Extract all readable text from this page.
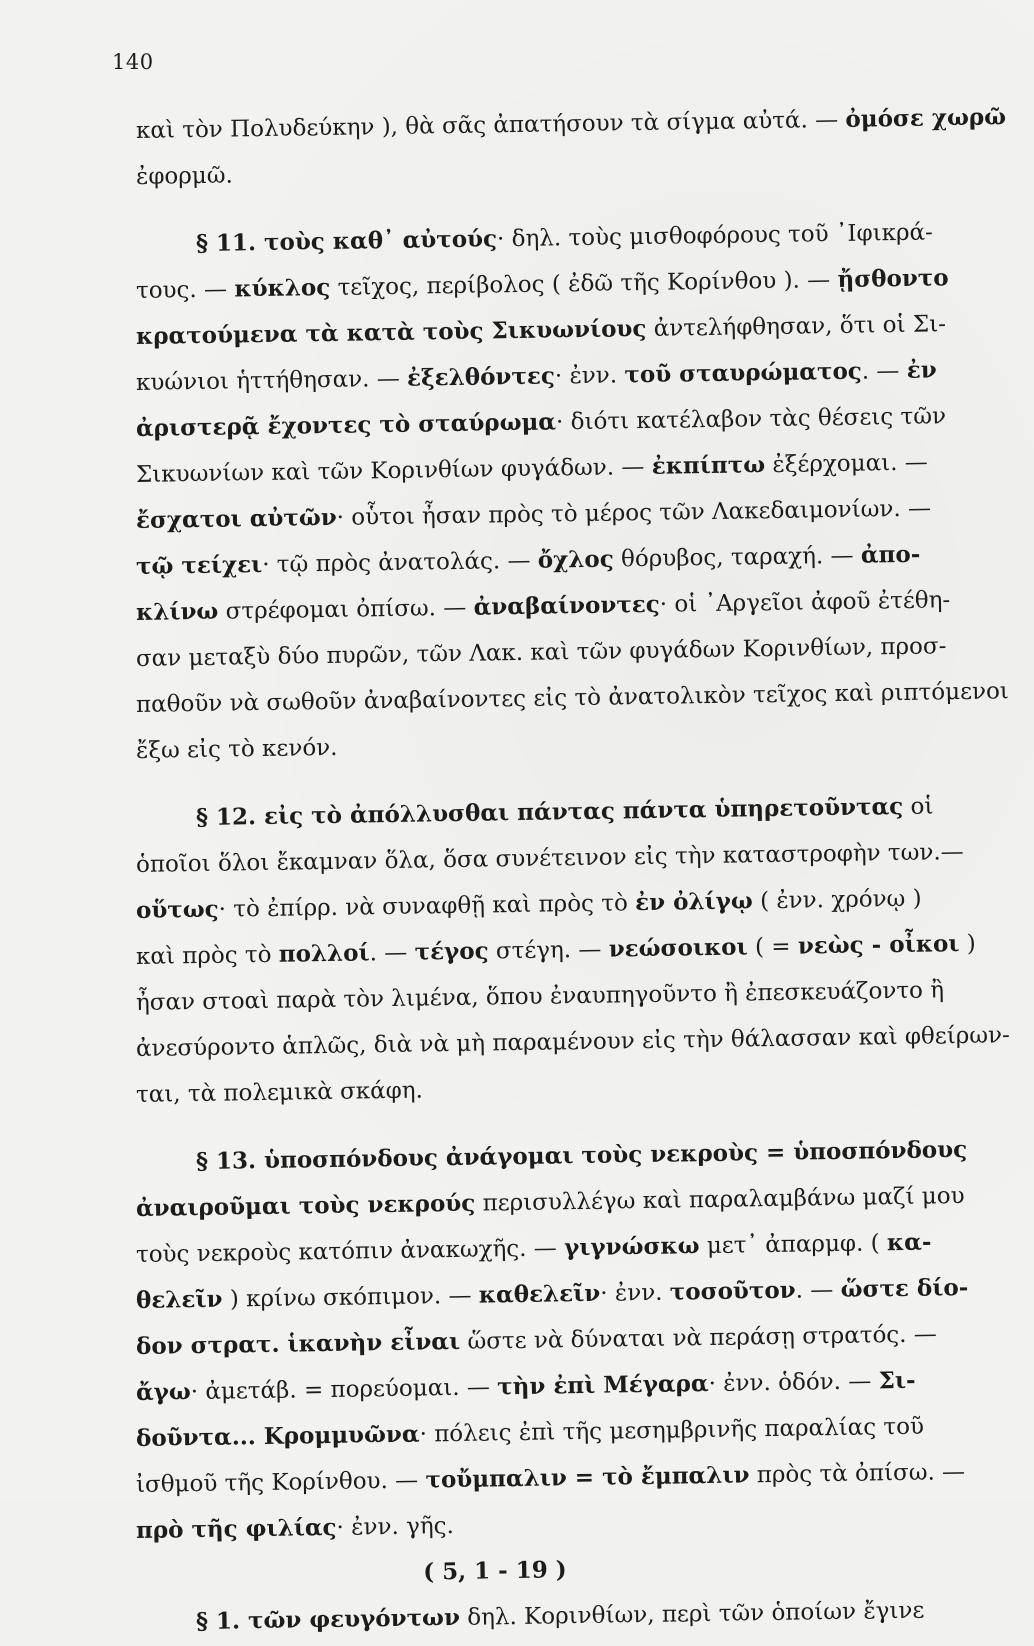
140
καὶ τὸν Πολυδεύκην ), θὰ σᾶς ἀπατήσουν τὰ σίγμα αὐτά. — ὀμόσε χωρῶ
ἐφορμῶ.
§ 11. τοὺς καθ᾽ αὐτούς· δηλ. τοὺς μισθοφόρους τοῦ ᾿Ιφικρά-
τους. — κύκλος τεῖχος, περίβολος ( ἐδῶ τῆς Κορίνθου ). — ᾔσθοντο
κρατούμενα τὰ κατὰ τοὺς Σικυωνίους ἀντελήφθησαν, ὅτι οἱ Σι-
κυώνιοι ἡττήθησαν. — ἐξελθόντες· ἐνν. τοῦ σταυρώματος. — ἐν
ἀριστερᾷ ἔχοντες τὸ σταύρωμα· διότι κατέλαβον τὰς θέσεις τῶν
Σικυωνίων καὶ τῶν Κορινθίων φυγάδων. — ἐκπίπτω ἐξέρχομαι. —
ἔσχατοι αὐτῶν· οὗτοι ἦσαν πρὸς τὸ μέρος τῶν Λακεδαιμονίων. —
τῷ τείχει· τῷ πρὸς ἀνατολάς. — ὄχλος θόρυβος, ταραχή. — ἀπο-
κλίνω στρέφομαι ὀπίσω. — ἀναβαίνοντες· οἱ ᾿Αργεῖοι ἀφοῦ ἐτέθη-
σαν μεταξὺ δύο πυρῶν, τῶν Λακ. καὶ τῶν φυγάδων Κορινθίων, προσ-
παθοῦν νὰ σωθοῦν ἀναβαίνοντες εἰς τὸ ἀνατολικὸν τεῖχος καὶ ριπτόμενοι
ἔξω εἰς τὸ κενόν.
§ 12. εἰς τὸ ἀπόλλυσθαι πάντας πάντα ὑπηρετοῦντας οἱ
ὁποῖοι ὅλοι ἔκαμναν ὅλα, ὅσα συνέτεινον εἰς τὴν καταστροφὴν των.—
οὕτως· τὸ ἐπίρρ. νὰ συναφθῇ καὶ πρὸς τὸ ἐν ὀλίγῳ ( ἐνν. χρόνῳ )
καὶ πρὸς τὸ πολλοί. — τέγος στέγη. — νεώσοικοι ( = νεὼς - οἶκοι )
ἦσαν στοαὶ παρὰ τὸν λιμένα, ὅπου ἐναυπηγοῦντο ἢ ἐπεσκευάζοντο ἢ
ἀνεσύροντο ἁπλῶς, διὰ νὰ μὴ παραμένουν εἰς τὴν θάλασσαν καὶ φθείρων-
ται, τὰ πολεμικὰ σκάφη.
§ 13. ὑποσπόνδους ἀνάγομαι τοὺς νεκροὺς = ὑποσπόνδους
ἀναιροῦμαι τοὺς νεκρούς περισυλλέγω καὶ παραλαμβάνω μαζί μου
τοὺς νεκροὺς κατόπιν ἀνακωχῆς. — γιγνώσκω μετ᾽ ἀπαρμφ. ( κα-
θελεῖν ) κρίνω σκόπιμον. — καθελεῖν· ἐνν. τοσοῦτον. — ὥστε δίο-
δον στρατ. ἱκανὴν εἶναι ὥστε νὰ δύναται νὰ περάσῃ στρατός. —
ἄγω· ἀμετάβ. = πορεύομαι. — τὴν ἐπὶ Μέγαρα· ἐνν. ὁδόν. — Σι-
δοῦντα... Κρομμυῶνα· πόλεις ἐπὶ τῆς μεσημβρινῆς παραλίας τοῦ
ἰσθμοῦ τῆς Κορίνθου. — τοὔμπαλιν = τὸ ἔμπαλιν πρὸς τὰ ὀπίσω. —
πρὸ τῆς φιλίας· ἐνν. γῆς.
( 5, 1 - 19 )
§ 1. τῶν φευγόντων δηλ. Κορινθίων, περὶ τῶν ὁποίων ἔγινε
